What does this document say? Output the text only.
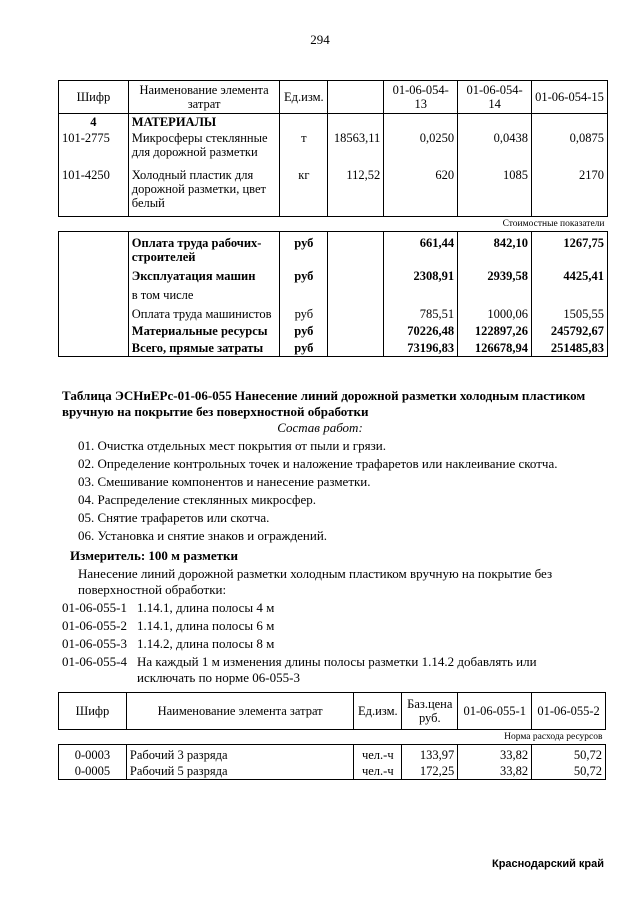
294
Шифр	Наименование элемента затрат	Ед.изм.		01-06-054-13	01-06-054-14	01-06-054-15
4	МАТЕРИАЛЫ					
101-2775	Микросферы стеклянные для дорожной разметки	т	18563,11	0,0250	0,0438	0,0875
101-4250	Холодный пластик для дорожной разметки, цвет белый	кг	112,52	620	1085	2170
Стоимостные показатели						
	Оплата труда рабочих-строителей	руб		661,44	842,10	1267,75
	Эксплуатация машин	руб		2308,91	2939,58	4425,41
	в том числе					
	Оплата труда машинистов	руб		785,51	1000,06	1505,55
	Материальные ресурсы	руб		70226,48	122897,26	245792,67
	Всего, прямые затраты	руб		73196,83	126678,94	251485,83
Таблица ЭСНиЕРс-01-06-055 Нанесение линий дорожной разметки холодным пластиком вручную на покрытие без поверхностной обработки
Состав работ:
01. Очистка отдельных мест покрытия от пыли и грязи.
02. Определение контрольных точек и наложение трафаретов или наклеивание скотча.
03. Смешивание компонентов и нанесение разметки.
04. Распределение стеклянных микросфер.
05. Снятие трафаретов или скотча.
06. Установка и снятие знаков и ограждений.
Измеритель: 100 м разметки
Нанесение линий дорожной разметки холодным пластиком вручную на покрытие без поверхностной обработки:
01-06-055-1 1.14.1, длина полосы 4 м
01-06-055-2 1.14.1, длина полосы 6 м
01-06-055-3 1.14.2, длина полосы 8 м
01-06-055-4 На каждый 1 м изменения длины полосы разметки 1.14.2 добавлять или исключать по норме 06-055-3
Шифр	Наименование элемента затрат	Ед.изм.	Баз.цена руб.	01-06-055-1	01-06-055-2
Норма расхода ресурсов					
0-0003	Рабочий 3 разряда	чел.-ч	133,97	33,82	50,72
0-0005	Рабочий 5 разряда	чел.-ч	172,25	33,82	50,72
Краснодарский край
